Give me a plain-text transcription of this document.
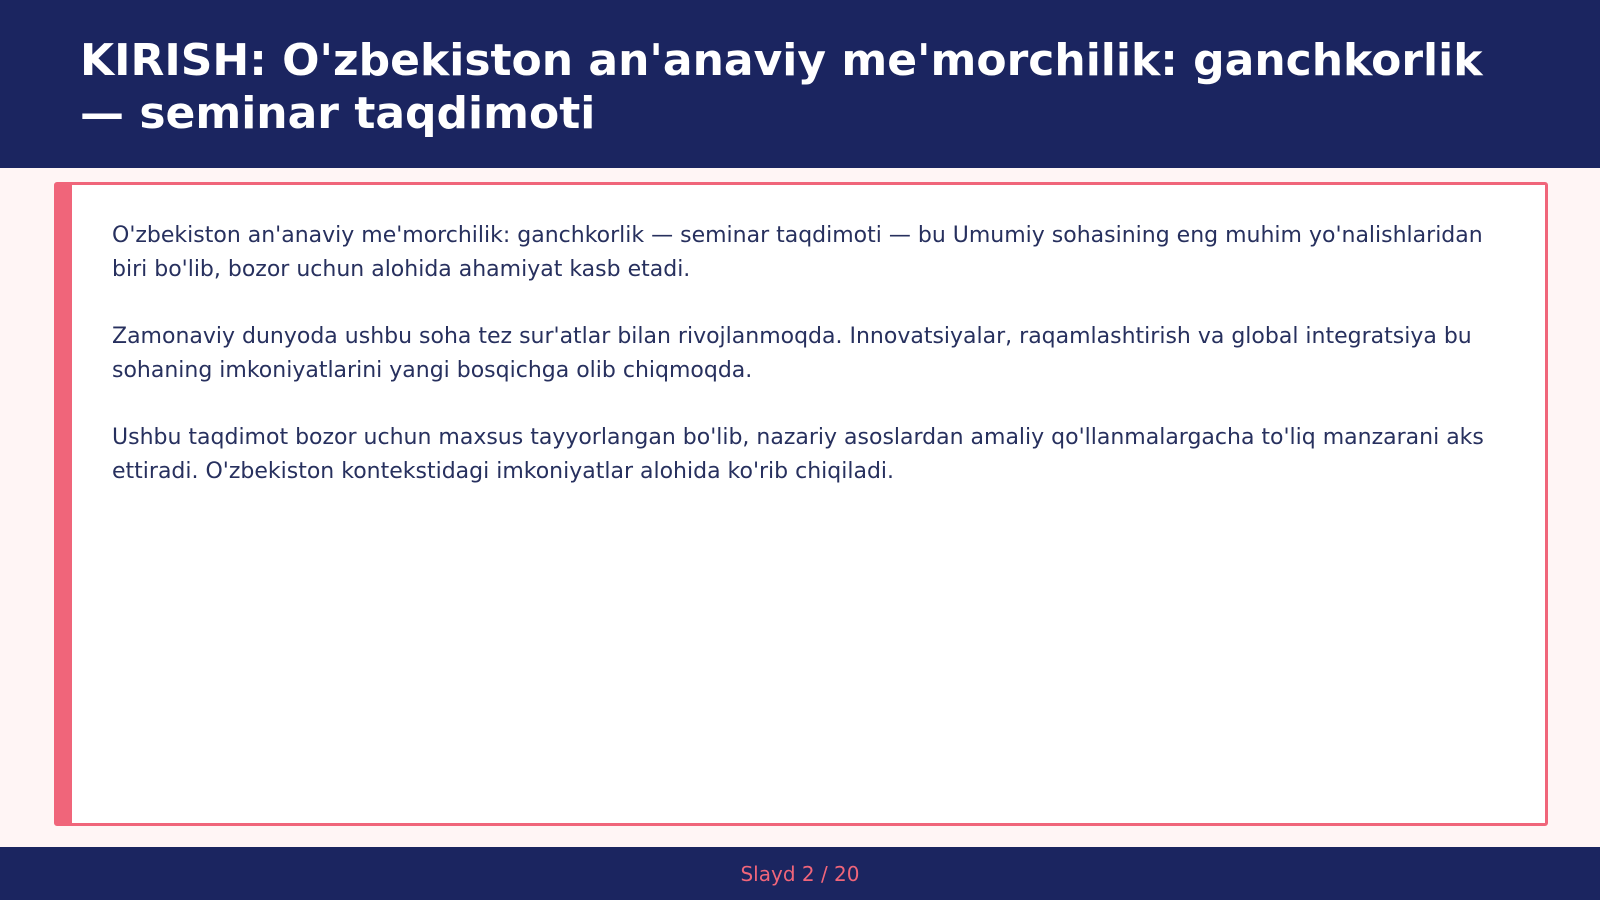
KIRISH: O'zbekiston an'anaviy me'morchilik: ganchkorlik — seminar taqdimoti

O'zbekiston an'anaviy me'morchilik: ganchkorlik — seminar taqdimoti — bu Umumiy sohasining eng muhim yo'nalishlaridan biri bo'lib, bozor uchun alohida ahamiyat kasb etadi.

Zamonaviy dunyoda ushbu soha tez sur'atlar bilan rivojlanmoqda. Innovatsiyalar, raqamlashtirish va global integratsiya bu sohaning imkoniyatlarini yangi bosqichga olib chiqmoqda.

Ushbu taqdimot bozor uchun maxsus tayyorlangan bo'lib, nazariy asoslardan amaliy qo'llanmalargacha to'liq manzarani aks ettiradi. O'zbekiston kontekstidagi imkoniyatlar alohida ko'rib chiqiladi.

Slayd 2 / 20
